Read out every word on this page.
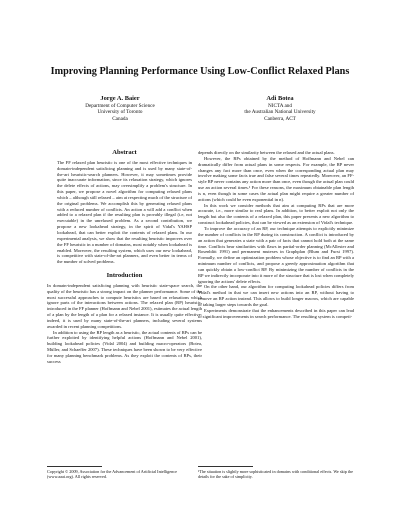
Improving Planning Performance Using Low-Conflict Relaxed Plans
Jorge A. Baier
Department of Computer Science
University of Toronto
Canada
Adi Botea
NICTA and
the Australian National University
Canberra, ACT
Abstract

The FF relaxed plan heuristic is one of the most effective techniques in domain-independent satisficing planning and is used by many state-of-the-art heuristic-search planners. However, it may sometimes provide quite inaccurate information, since its relaxation strategy, which ignores the delete effects of actions, may oversimplify a problem's structure. In this paper, we propose a novel algorithm for computing relaxed plans which – although still relaxed – aim at respecting much of the structure of the original problems. We accomplish this by generating relaxed plans with a reduced number of conflicts. An action a will add a conflict when added to a relaxed plan if the resulting plan is provably illegal (i.e, not executable) in the unrelaxed problem. As a second contribution, we propose a new lookahead strategy, in the spirit of Vidal's YAHSP lookahead, that can better exploit the contents of relaxed plans. In our experimental analysis, we show that the resulting heuristic improves over the FF heuristic in a number of domains, most notably when lookahead is enabled. Moreover, the resulting system, which uses our new lookahead, is competitive with state-of-the-art planners, and even better in terms of the number of solved problems.

Introduction

In domain-independent satisficing planning with heuristic state-space search, the quality of the heuristic has a strong impact on the planner performance. Some of the most successful approaches to compute heuristics are based on relaxations which ignore parts of the interactions between actions. The relaxed plan (RP) heuristic, introduced in the FF planner (Hoffmann and Nebel 2001), estimates the actual length of a plan by the length of a plan for a relaxed instance. It is usually quite effective; indeed, it is used by many state-of-the-art planners, including several systems awarded in recent planning competitions.

In addition to using the RP length as a heuristic, the actual contents of RPs can be further exploited by identifying helpful actions (Hoffmann and Nebel 2001), building lookahead policies (Vidal 2004) and building macro-operators (Botea, Müller, and Schaeffer 2007). These techniques have been shown to be very effective for many planning benchmark problems. As they exploit the contents of RPs, their success

depends directly on the similarity between the relaxed and the actual plans.

However, the RPs obtained by the method of Hoffmann and Nebel can dramatically differ from actual plans in some respects. For example, the RP never changes any fact more than once, even when the corresponding actual plan may involve making some facts true and false several times repeatedly. Moreover, an FF-style RP never contains any action more than once, even though the actual plan could use an action several times.¹ For these reasons, the maximum obtainable plan length is n, even though in some cases the actual plan might require a greater number of actions (which could be even exponential in n).

In this work we consider methods that aim at computing RPs that are more accurate, i.e., more similar to real plans. In addition, to better exploit not only the length but also the contents of a relaxed plan, this paper presents a new algorithm to construct lookahead policies, that can be viewed as an extension of Vidal's technique.

To improve the accuracy of an RP, our technique attempts to explicitly minimize the number of conflicts in the RP during its construction. A conflict is introduced by an action that generates a state with a pair of facts that cannot hold both at the same time. Conflicts bear similarities with flaws in partial-order planning (McAllester and Rosenblitt 1991) and permanent mutexes in Graphplan (Blum and Furst 1997). Formally, we define an optimization problem whose objective is to find an RP with a minimum number of conflicts, and propose a greedy approximation algorithm that can quickly obtain a low-conflict RP. By minimizing the number of conflicts in the RP we indirectly incorporate into it more of the structure that is lost when completely ignoring the actions' delete effects.

On the other hand, our algorithm for computing lookahead policies differs from Vidal's method in that we can insert new actions into an RP, without having to remove an RP action instead. This allows to build longer macros, which are capable of taking larger steps towards the goal.

Experiments demonstrate that the enhancements described in this paper can lead to significant improvements in search performance. The resulting system is competi-

Copyright © 2009, Association for the Advancement of Artificial Intelligence (www.aaai.org). All rights reserved.
¹The situation is slightly more sophisticated in domains with conditional effects. We skip the details for the sake of simplicity.
